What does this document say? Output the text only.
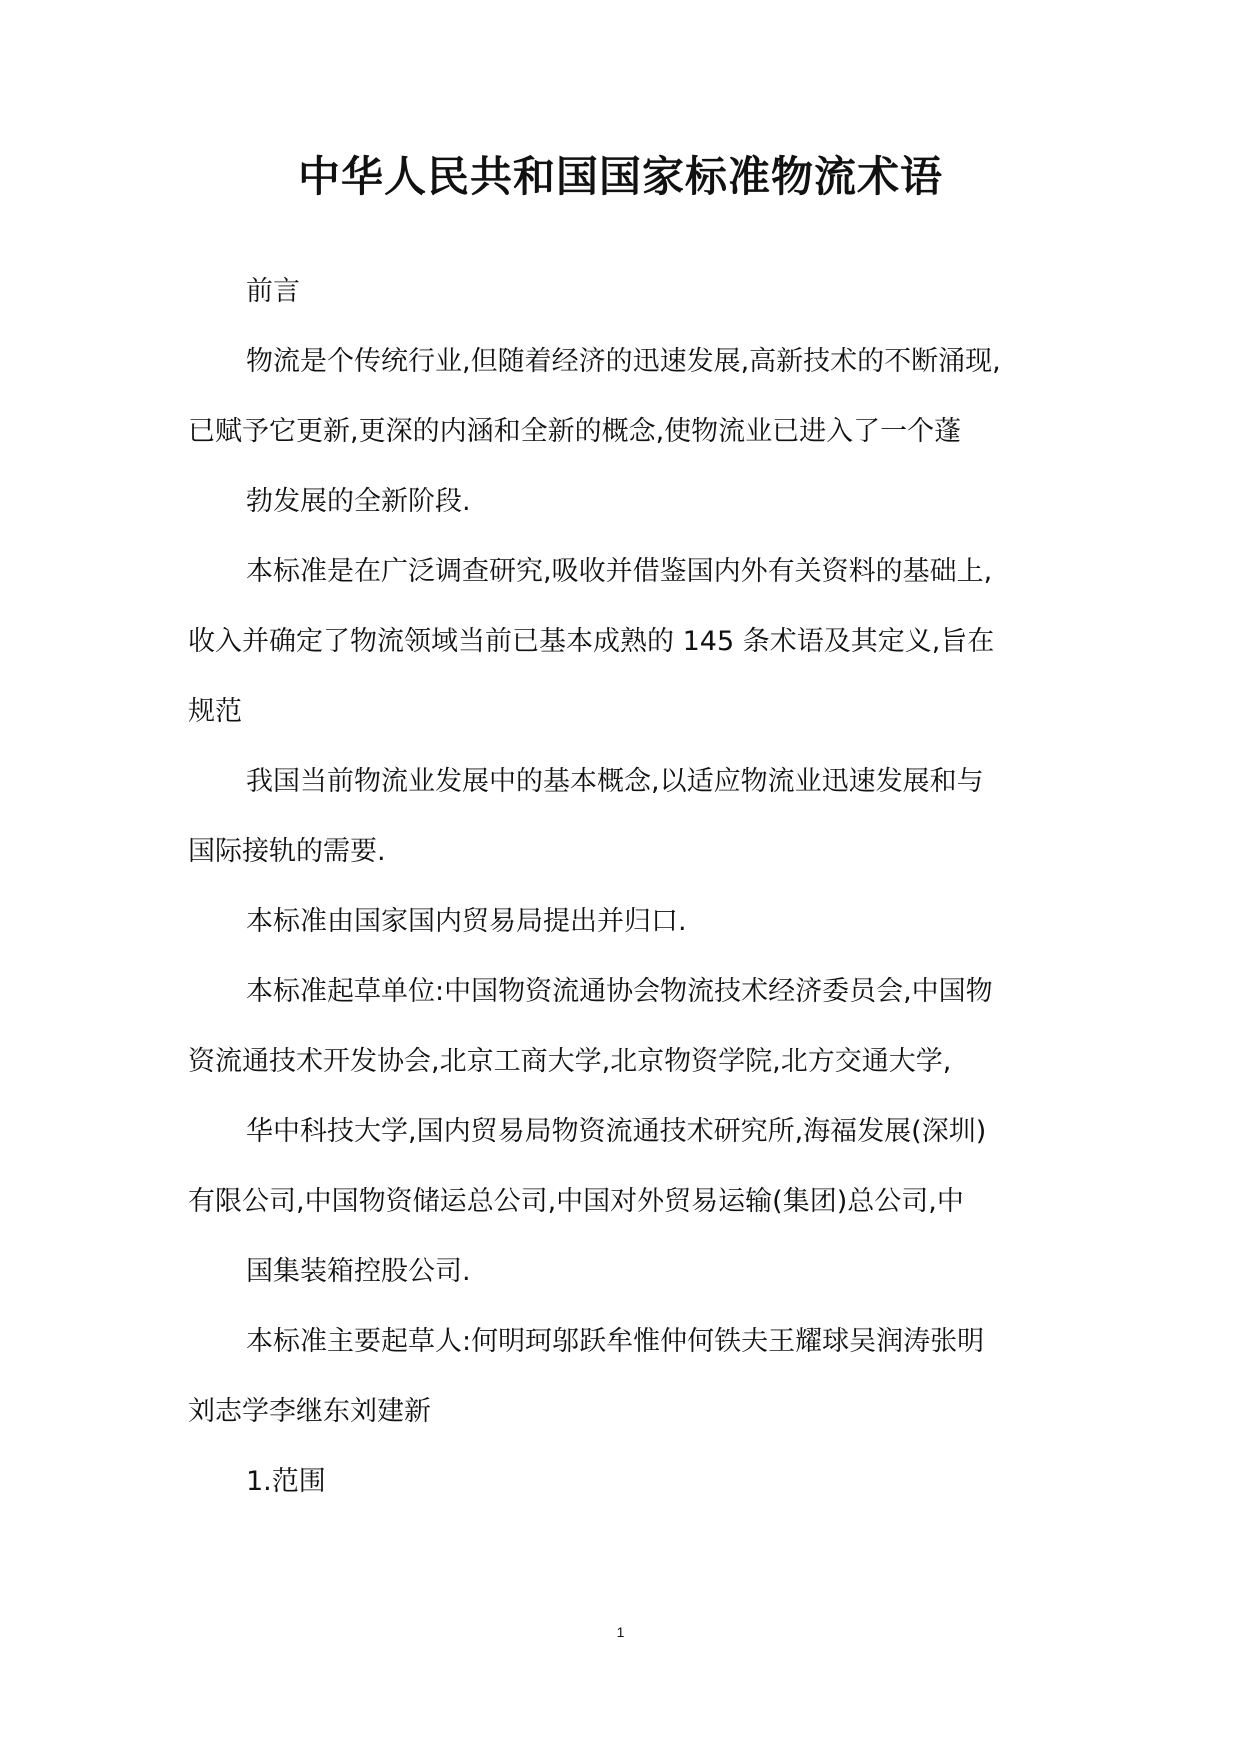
中华人民共和国国家标准物流术语
前言
物流是个传统行业,但随着经济的迅速发展,高新技术的不断涌现,
已赋予它更新,更深的内涵和全新的概念,使物流业已进入了一个蓬
勃发展的全新阶段.
本标准是在广泛调查研究,吸收并借鉴国内外有关资料的基础上,
收入并确定了物流领域当前已基本成熟的 145 条术语及其定义,旨在
规范
我国当前物流业发展中的基本概念,以适应物流业迅速发展和与
国际接轨的需要.
本标准由国家国内贸易局提出并归口.
本标准起草单位:中国物资流通协会物流技术经济委员会,中国物
资流通技术开发协会,北京工商大学,北京物资学院,北方交通大学,
华中科技大学,国内贸易局物资流通技术研究所,海福发展(深圳)
有限公司,中国物资储运总公司,中国对外贸易运输(集团)总公司,中
国集装箱控股公司.
本标准主要起草人:何明珂邬跃牟惟仲何铁夫王耀球吴润涛张明
刘志学李继东刘建新
1.范围
1
